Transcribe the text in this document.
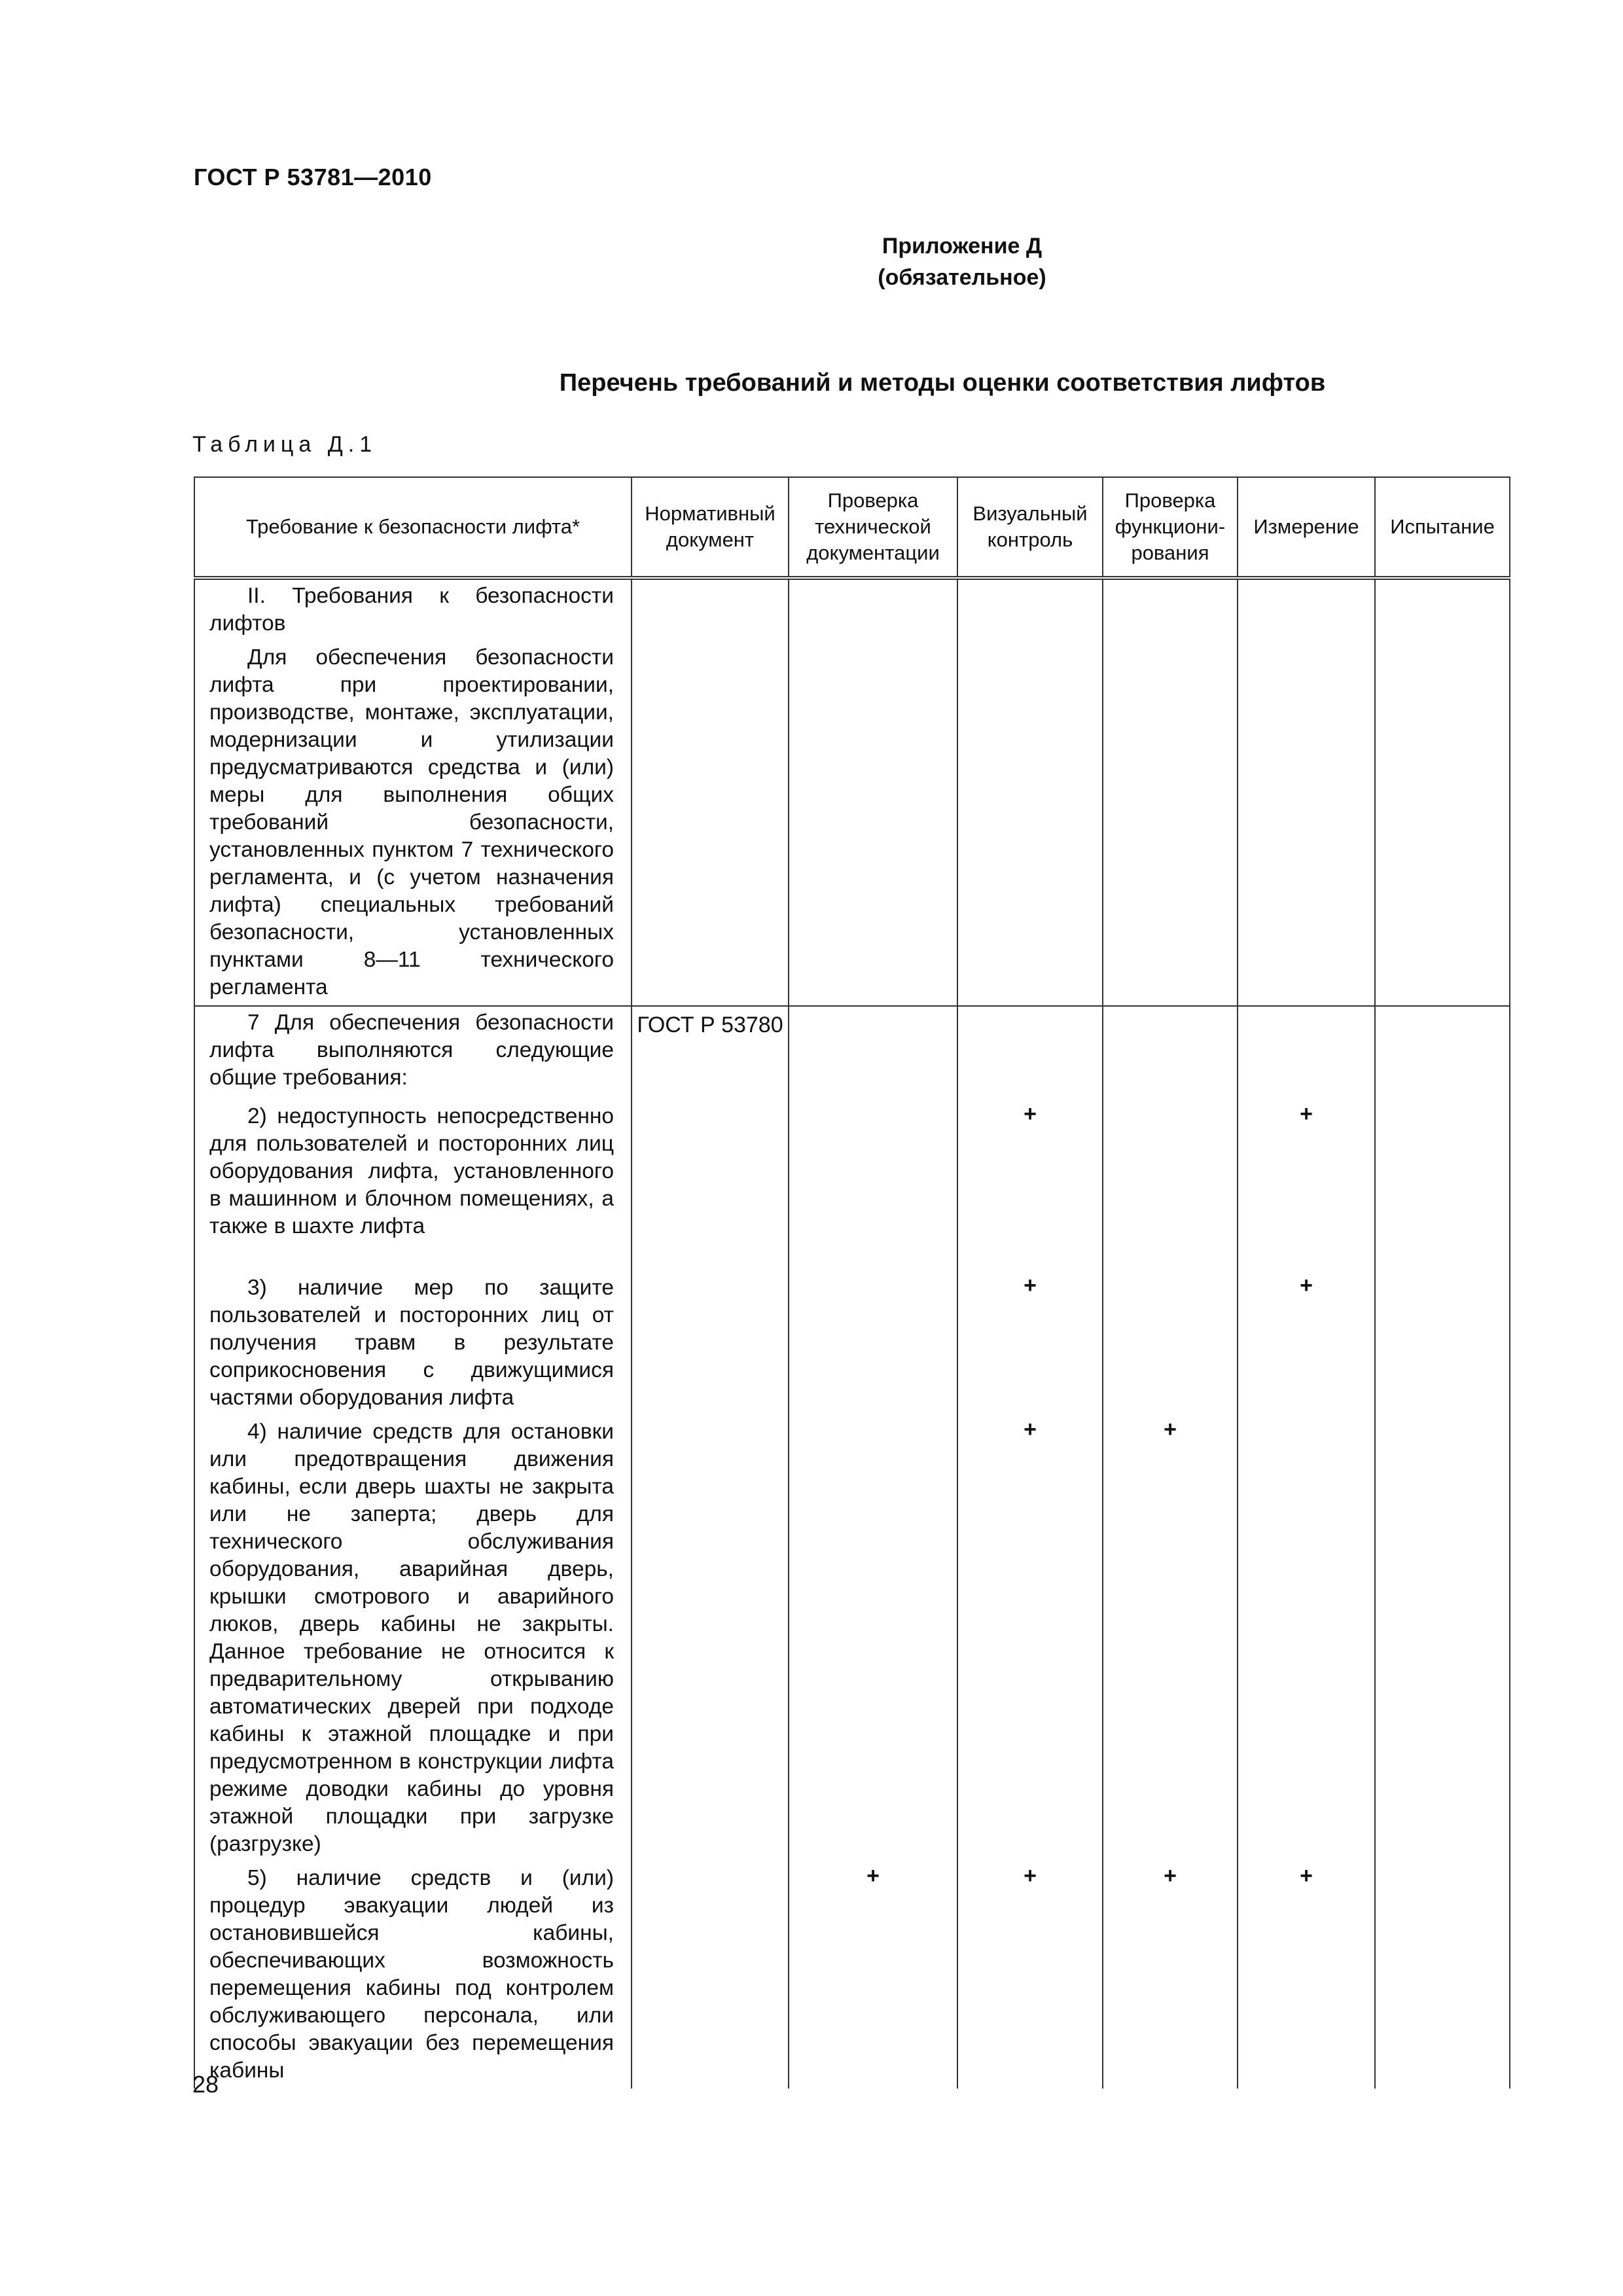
ГОСТ Р 53781—2010
Приложение Д
(обязательное)
Перечень требований и методы оценки соответствия лифтов
Таблица Д.1
Требование к безопасности лифта*	Нормативный документ	Проверка технической документации	Визуальный контроль	Проверка функциони-рования	Измерение	Испытание

II. Требования к безопасности лифтов

Для обеспечения безопасности лифта при проектировании, производстве, монтаже, эксплуатации, модернизации и утилизации предусматриваются средства и (или) меры для выполнения общих требований безопасности, установленных пунктом 7 технического регламента, и (с учетом назначения лифта) специальных требований безопасности, установленных пунктами 8—11 технического регламента						

7 Для обеспечения безопасности лифта выполняются следующие общие требования:	ГОСТ Р 53780					

2) недоступность непосредственно для пользователей и посторонних лиц оборудования лифта, установленного в машинном и блочном помещениях, а также в шахте лифта			+		+	

3) наличие мер по защите пользователей и посторонних лиц от получения травм в результате соприкосновения с движущимися частями оборудования лифта			+		+	

4) наличие средств для остановки или предотвращения движения кабины, если дверь шахты не закрыта или не заперта; дверь для технического обслуживания оборудования, аварийная дверь, крышки смотрового и аварийного люков, дверь кабины не закрыты. Данное требование не относится к предварительному открыванию автоматических дверей при подходе кабины к этажной площадке и при предусмотренном в конструкции лифта режиме доводки кабины до уровня этажной площадки при загрузке (разгрузке)			+	+		

5) наличие средств и (или) процедур эвакуации людей из остановившейся кабины, обеспечивающих возможность перемещения кабины под контролем обслуживающего персонала, или способы эвакуации без перемещения кабины		+	+	+	+	
28
